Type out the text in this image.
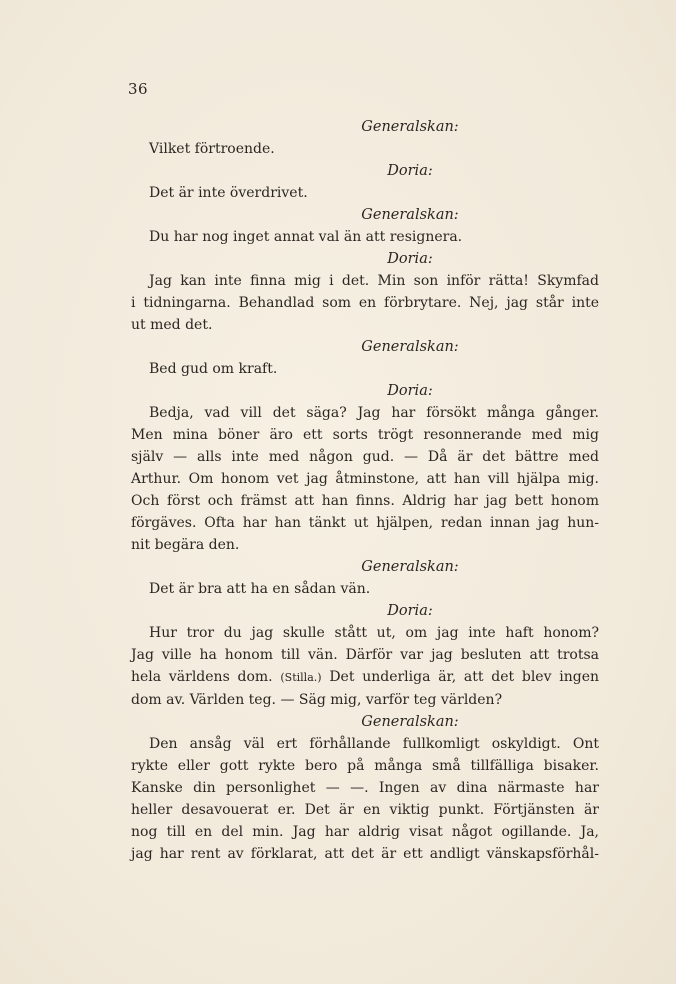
36
Generalskan:
Vilket förtroende.
Doria:
Det är inte överdrivet.
Generalskan:
Du har nog inget annat val än att resignera.
Doria:
Jag kan inte finna mig i det. Min son inför rätta! Skymfad
i tidningarna. Behandlad som en förbrytare. Nej, jag står inte
ut med det.
Generalskan:
Bed gud om kraft.
Doria:
Bedja, vad vill det säga? Jag har försökt många gånger.
Men mina böner äro ett sorts trögt resonnerande med mig
själv — alls inte med någon gud. — Då är det bättre med
Arthur. Om honom vet jag åtminstone, att han vill hjälpa mig.
Och först och främst att han finns. Aldrig har jag bett honom
förgäves. Ofta har han tänkt ut hjälpen, redan innan jag hun-
nit begära den.
Generalskan:
Det är bra att ha en sådan vän.
Doria:
Hur tror du jag skulle stått ut, om jag inte haft honom?
Jag ville ha honom till vän. Därför var jag besluten att trotsa
hela världens dom. (Stilla.) Det underliga är, att det blev ingen
dom av. Världen teg. — Säg mig, varför teg världen?
Generalskan:
Den ansåg väl ert förhållande fullkomligt oskyldigt. Ont
rykte eller gott rykte bero på många små tillfälliga bisaker.
Kanske din personlighet — —. Ingen av dina närmaste har
heller desavouerat er. Det är en viktig punkt. Förtjänsten är
nog till en del min. Jag har aldrig visat något ogillande. Ja,
jag har rent av förklarat, att det är ett andligt vänskapsförhål-
